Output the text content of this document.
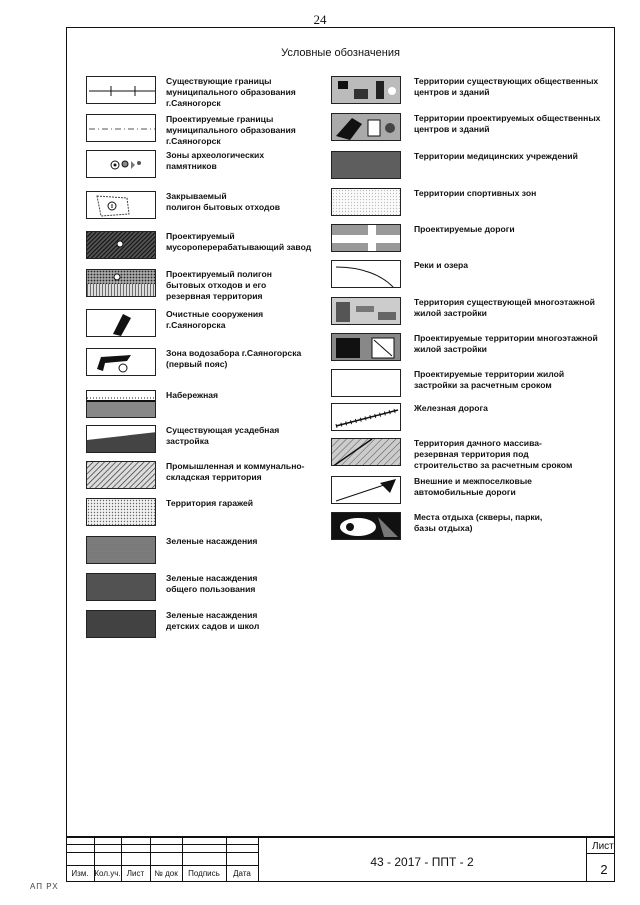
24
Условные обозначения
Существующие границы
муниципального образования
г.Саяногорск
Проектируемые границы
муниципального образования
г.Саяногорск
Зоны археологических
памятников
Закрываемый
полигон бытовых отходов
Проектируемый
мусороперерабатывающий завод
Проектируемый полигон
бытовых отходов и его
резервная территория
Очистные сооружения
г.Саяногорска
Зона водозабора г.Саяногорска
(первый пояс)
Набережная
Существующая усадебная
застройка
Промышленная и коммунально-
складская территория
Территория гаражей
Зеленые насаждения
Зеленые насаждения
общего пользования
Зеленые насаждения
детских садов и школ
Территории существующих общественных
центров и зданий
Территории проектируемых общественных
центров и зданий
Территории медицинских учреждений
Территории спортивных зон
Проектируемые дороги
Реки и озера
Территория существующей многоэтажной
жилой застройки
Проектируемые территории многоэтажной
жилой застройки
Проектируемые территории жилой
застройки за расчетным сроком
Железная дорога
Территория дачного массива-
резервная территория под
строительство за расчетным сроком
Внешние и межпоселковые
автомобильные дороги
Места отдыха (скверы, парки,
базы отдыха)
Изм. Кол.уч. Лист	№ док	Подпись	Дата
43 - 2017 - ППТ - 2
Лист
2
АП РХ
